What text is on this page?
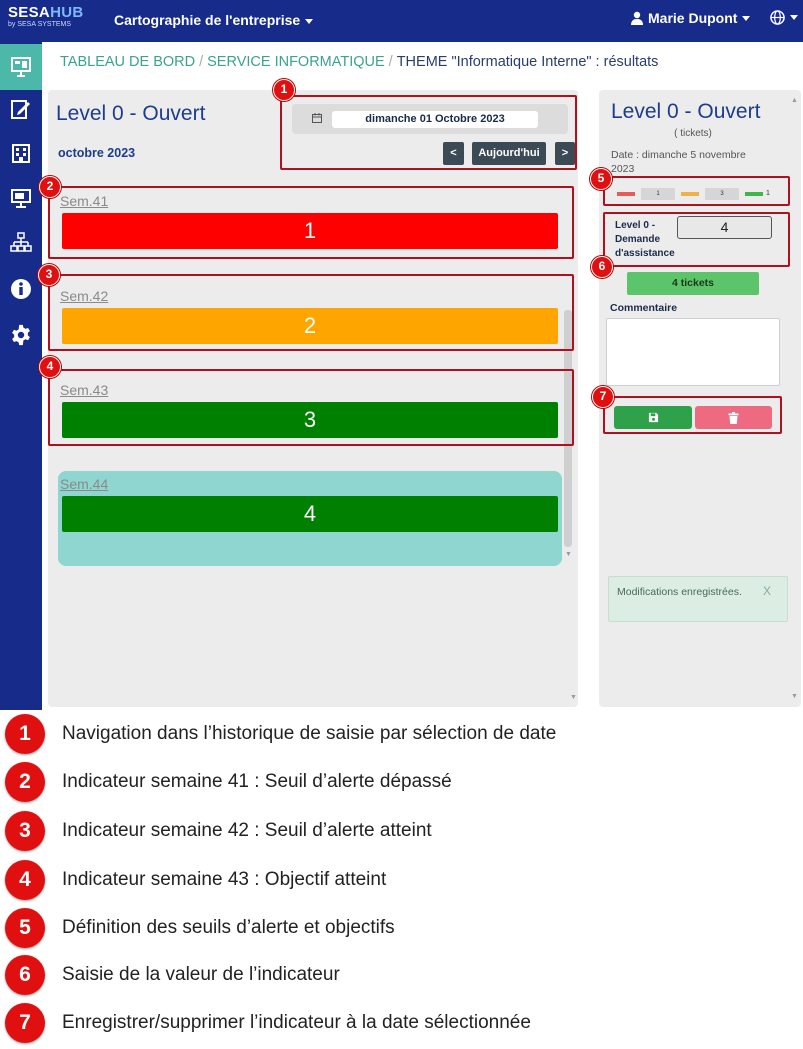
SESAHUB
by SESA SYSTEMS	Cartographie de l'entreprise	Marie Dupont
TABLEAU DE BORD / SERVICE INFORMATIQUE / THEME "Informatique Interne" : résultats
Level 0 - Ouvert
octobre 2023
dimanche 01 Octobre 2023
<	Aujourd'hui	>
Sem.41
1
Sem.42
2
Sem.43
3
Sem.44
4
▼
▼
Level 0 - Ouvert
( tickets)
Date : dimanche 5 novembre 2023
1	3	1
Level 0 - Demande d'assistance
4
4 tickets
Commentaire
Modifications enregistrées.	X
▲
▼
1
2
3
4
5
6
7
1	Navigation dans l’historique de saisie par sélection de date
2	Indicateur semaine 41 : Seuil d’alerte dépassé
3	Indicateur semaine 42 : Seuil d’alerte atteint
4	Indicateur semaine 43 : Objectif atteint
5	Définition des seuils d’alerte et objectifs
6	Saisie de la valeur de l’indicateur
7	Enregistrer/supprimer l’indicateur à la date sélectionnée
